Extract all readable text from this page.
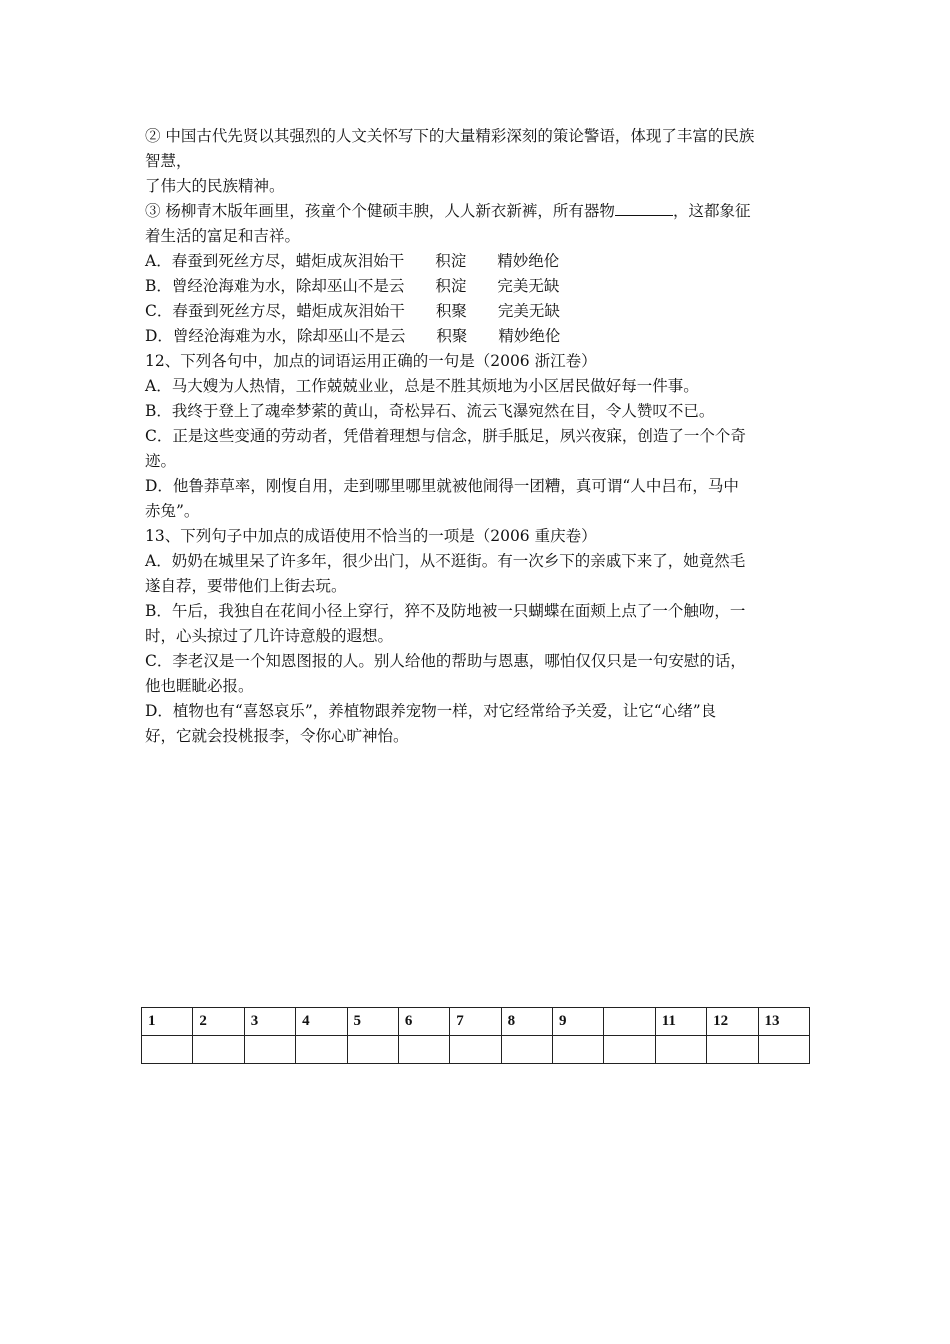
② 中国古代先贤以其强烈的人文关怀写下的大量精彩深刻的策论警语，体现了丰富的民族

智慧，

了伟大的民族精神。

③ 杨柳青木版年画里，孩童个个健硕丰腴，人人新衣新裤，所有器物	，这都象征

着生活的富足和吉祥。

A．春蚕到死丝方尽，蜡炬成灰泪始干　　积淀　　精妙绝伦

B．曾经沧海难为水，除却巫山不是云　　积淀　　完美无缺

C．春蚕到死丝方尽，蜡炬成灰泪始干　　积聚　　完美无缺

D．曾经沧海难为水，除却巫山不是云　　积聚　　精妙绝伦

12、下列各句中，加点的词语运用正确的一句是（2006 浙江卷）

A．马大嫂为人热情，工作兢兢业业，总是不胜其烦地为小区居民做好每一件事。

B．我终于登上了魂牵梦萦的黄山，奇松异石、流云飞瀑宛然在目，令人赞叹不已。

C．正是这些变通的劳动者，凭借着理想与信念，胼手胝足，夙兴夜寐，创造了一个个奇

迹。

D．他鲁莽草率，刚愎自用，走到哪里哪里就被他闹得一团糟，真可谓“人中吕布，马中

赤兔”。

13、下列句子中加点的成语使用不恰当的一项是（2006 重庆卷）

A．奶奶在城里呆了许多年，很少出门，从不逛街。有一次乡下的亲戚下来了，她竟然毛

遂自荐，要带他们上街去玩。

B．午后，我独自在花间小径上穿行，猝不及防地被一只蝴蝶在面颊上点了一个触吻，一

时，心头掠过了几许诗意般的遐想。

C．李老汉是一个知恩图报的人。别人给他的帮助与恩惠，哪怕仅仅只是一句安慰的话，

他也睚眦必报。

D．植物也有“喜怒哀乐”，养植物跟养宠物一样，对它经常给予关爱，让它“心绪”良

好，它就会投桃报李，令你心旷神怡。

1	2	3	4	5	6	7	8	9		11	12	13
